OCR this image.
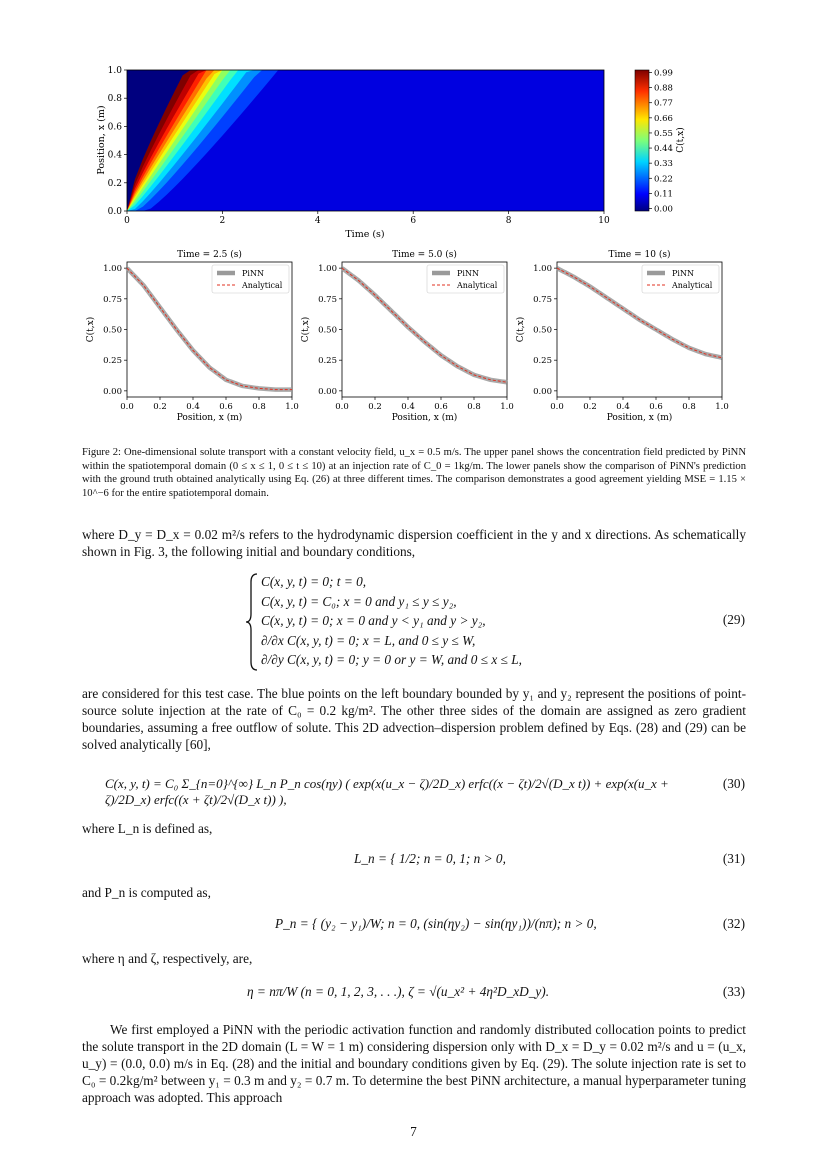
0	2	4	6	8	10
0.0
0.2
0.4
0.6
0.8
1.0
Time (s)
Position, x (m)
0.99
0.88
0.77
0.66
0.55
0.44
0.33
0.22
0.11
0.00
C(t,x)
Time = 2.5 (s)
0.0 0.2 0.4 0.6 0.8 1.0
0.00
0.25
0.50
0.75
1.00
Position, x (m)
C(t,x)
PiNN
Analytical
Time = 5.0 (s)
0.0 0.2 0.4 0.6 0.8 1.0
0.00
0.25
0.50
0.75
1.00
Position, x (m)
C(t,x)
PiNN
Analytical
Time = 10 (s)
0.0 0.2 0.4 0.6 0.8 1.0
0.00
0.25
0.50
0.75
1.00
Position, x (m)
C(t,x)
PiNN
Analytical
Figure 2: One-dimensional solute transport with a constant velocity field, u_x = 0.5 m/s. The upper panel shows the concentration field predicted by PiNN within the spatiotemporal domain (0 ≤ x ≤ 1, 0 ≤ t ≤ 10) at an injection rate of C_0 = 1kg/m. The lower panels show the comparison of PiNN's prediction with the ground truth obtained analytically using Eq. (26) at three different times. The comparison demonstrates a good agreement yielding MSE = 1.15 × 10^−6 for the entire spatiotemporal domain.
where D_y = D_x = 0.02 m²/s refers to the hydrodynamic dispersion coefficient in the y and x directions. As schematically shown in Fig. 3, the following initial and boundary conditions,
C(x, y, t) = 0; t = 0,
C(x, y, t) = C₀; x = 0 and y₁ ≤ y ≤ y₂,
C(x, y, t) = 0; x = 0 and y < y₁ and y > y₂,
∂/∂x C(x, y, t) = 0; x = L, and 0 ≤ y ≤ W,
∂/∂y C(x, y, t) = 0; y = 0 or y = W, and 0 ≤ x ≤ L,
(29)
are considered for this test case. The blue points on the left boundary bounded by y₁ and y₂ represent the positions of point-source solute injection at the rate of C₀ = 0.2 kg/m². The other three sides of the domain are assigned as zero gradient boundaries, assuming a free outflow of solute. This 2D advection–dispersion problem defined by Eqs. (28) and (29) can be solved analytically [60],
C(x, y, t) = C₀ Σ_{n=0}^{∞} L_n P_n cos(ηy) ( exp(x(u_x − ζ)/2D_x) erfc((x − ζt)/2√(D_x t)) + exp(x(u_x + ζ)/2D_x) erfc((x + ζt)/2√(D_x t)) ),
(30)
where L_n is defined as,
L_n = { 1/2; n = 0, 1; n > 0,	(31)
and P_n is computed as,
P_n = { (y₂ − y₁)/W; n = 0, (sin(ηy₂) − sin(ηy₁))/(nπ); n > 0,	(32)
where η and ζ, respectively, are,
η = nπ/W (n = 0, 1, 2, 3, . . .), ζ = √(u_x² + 4η²D_xD_y).	(33)
We first employed a PiNN with the periodic activation function and randomly distributed collocation points to predict the solute transport in the 2D domain (L = W = 1 m) considering dispersion only with D_x = D_y = 0.02 m²/s and u = (u_x, u_y) = (0.0, 0.0) m/s in Eq. (28) and the initial and boundary conditions given by Eq. (29). The solute injection rate is set to C₀ = 0.2kg/m² between y₁ = 0.3 m and y₂ = 0.7 m. To determine the best PiNN architecture, a manual hyperparameter tuning approach was adopted. This approach
7
